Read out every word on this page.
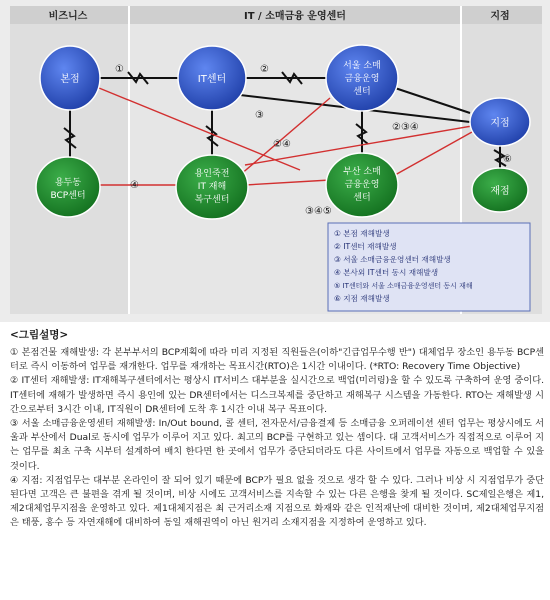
비즈니스	IT / 소매금융 운영센터	지점
본점	IT센터
서울 소매
금융운영
센터
지점
용두동
BCP센터
용인죽전
IT 재해
복구센터
부산 소매
금융운영
센터
재점
①	②
③
②④
②③④
④
③④⑤
⑥
① 본점 재해발생
② IT센터 재해발생
③ 서울 소매금융운영센터 재해발생
④ 본사외 IT센터 동시 재해발생
⑤ IT센터와 서울 소매금융운영센터 동시 재해
⑥ 지점 재해발생
<그림설명>

① 본점건물 재해발생: 각 본부부서의 BCP계획에 따라 미리 지정된 직원들은(이하"긴급업무수행 반") 대체업무 장소인 용두동 BCP센터로 즉시 이동하여 업무를 재개한다. 업무를 재개하는 목표시간(RTO)은 1시간 이내이다. (*RTO: Recovery Time Objective)

② IT센터 재해발생: IT재해복구센터에서는 평상시 IT서비스 대부분을 실시간으로 백업(미러링)을 할 수 있도록 구축하여 운영 중이다. IT센터에 재해가 발생하면 즉시 용인에 있는 DR센터에서는 디스크복제를 중단하고 재해복구 시스템을 가동한다. RTO는 재해발생 시간으로부터 3시간 이내, IT직원이 DR센터에 도착 후 1시간 이내 복구 목표이다.

③ 서울 소매금융운영센터 재해발생: In/Out bound, 콜 센터, 전자문서/금융결제 등 소매금융 오퍼레이션 센터 업무는 평상시에도 서울과 부산에서 Dual로 동시에 업무가 이루어 지고 있다. 최고의 BCP를 구현하고 있는 셈이다. 대 고객서비스가 직접적으로 이루어 지는 업무를 최초 구축 시부터 설계하여 배치 한다면 한 곳에서 업무가 중단되더라도 다른 사이트에서 업무를 자동으로 백업할 수 있을 것이다.

④ 지점: 지점업무는 대부분 온라인이 잘 되어 있기 때문에 BCP가 필요 없을 것으로 생각 할 수 있다. 그러나 비상 시 지점업무가 중단된다면 고객은 큰 불편을 겪게 될 것이며, 비상 시에도 고객서비스를 지속할 수 있는 다른 은행을 찾게 될 것이다. SC제일은행은 제1, 제2대체업무지점을 운영하고 있다. 제1대체지점은 최 근거리소재 지점으로 화재와 같은 인적재난에 대비한 것이며, 제2대체업무지점은 태풍, 홍수 등 자연재해에 대비하여 동일 재해권역이 아닌 원거리 소재지점을 지정하여 운영하고 있다.
